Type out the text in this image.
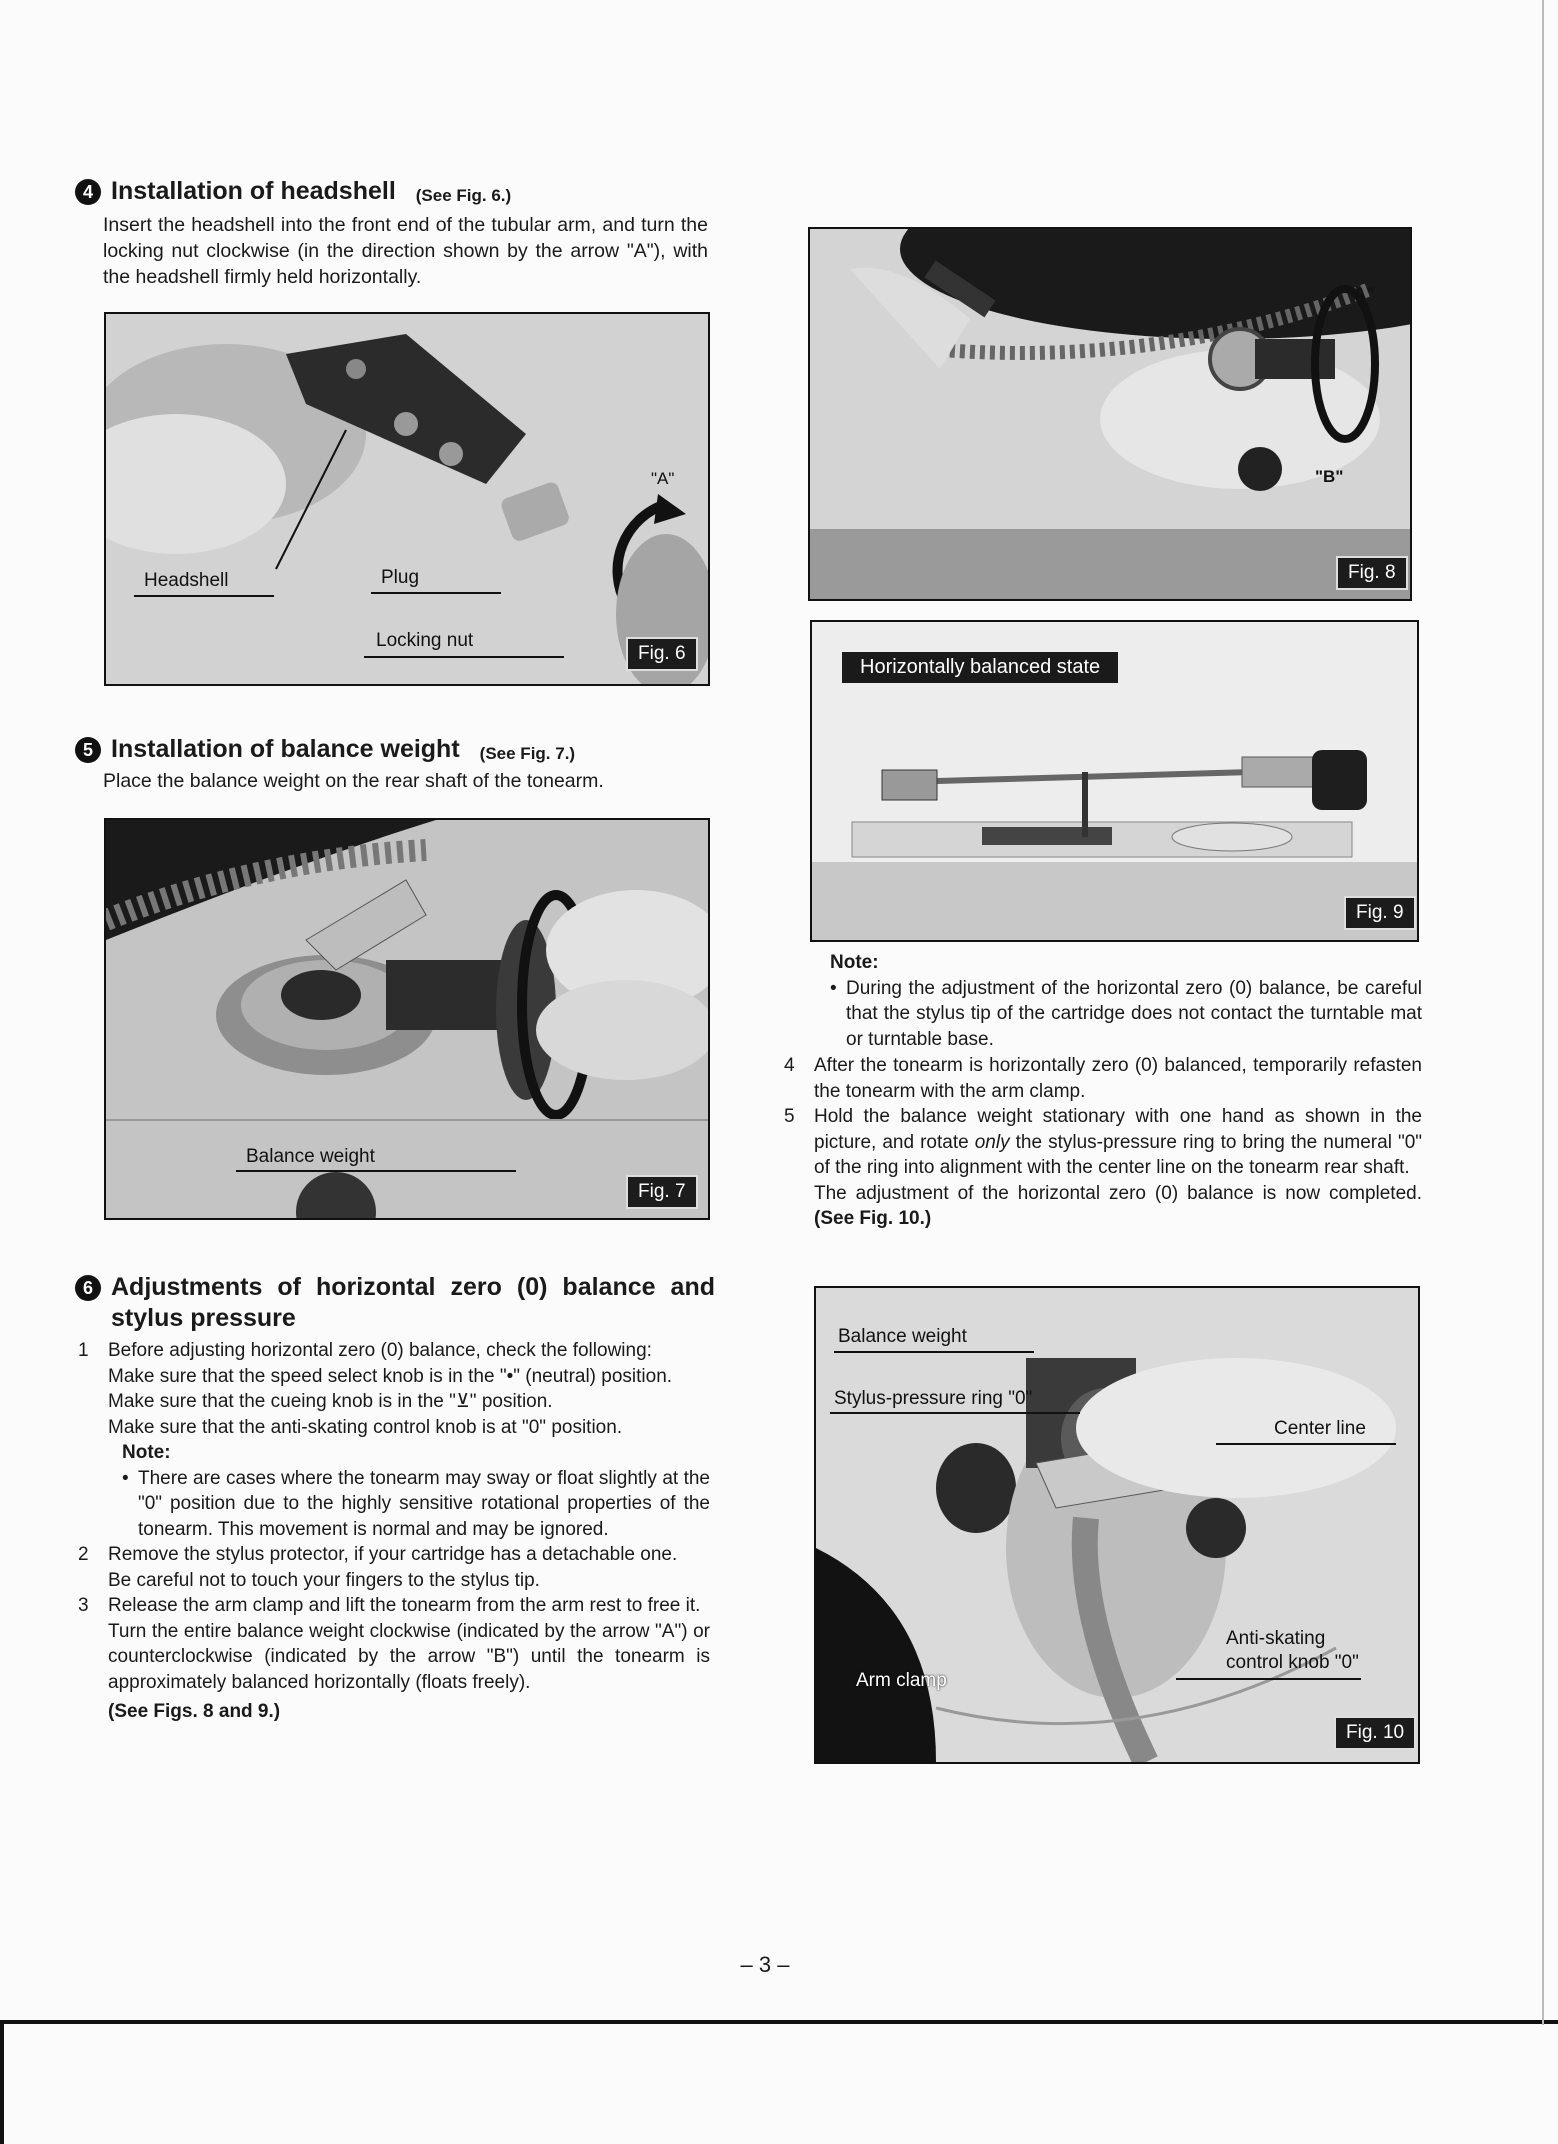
4 Installation of headshell (See Fig. 6.)

Insert the headshell into the front end of the tubular arm, and turn the locking nut clockwise (in the direction shown by the arrow "A"), with the headshell firmly held horizontally.

"A"
Headshell	Plug
Locking nut
Fig. 6
5 Installation of balance weight (See Fig. 7.)

Place the balance weight on the rear shaft of the tonearm.

Balance weight
Fig. 7
6 Adjustments of horizontal zero (0) balance and stylus pressure
1 Before adjusting horizontal zero (0) balance, check the following:
Make sure that the speed select knob is in the "•" (neutral) position.
Make sure that the cueing knob is in the "⊻" position.
Make sure that the anti-skating control knob is at "0" position.
Note:
• There are cases where the tonearm may sway or float slightly at the "0" position due to the highly sensitive rotational properties of the tonearm. This movement is normal and may be ignored.
2 Remove the stylus protector, if your cartridge has a detachable one.
Be careful not to touch your fingers to the stylus tip.
3 Release the arm clamp and lift the tonearm from the arm rest to free it.
Turn the entire balance weight clockwise (indicated by the arrow "A") or counterclockwise (indicated by the arrow "B") until the tonearm is approximately balanced horizontally (floats freely).
(See Figs. 8 and 9.)
"A"
"B"
Fig. 8
Horizontally balanced state
Fig. 9
Note:
• During the adjustment of the horizontal zero (0) balance, be careful that the stylus tip of the cartridge does not contact the turntable mat or turntable base.
4 After the tonearm is horizontally zero (0) balanced, temporarily refasten the tonearm with the arm clamp.
5 Hold the balance weight stationary with one hand as shown in the picture, and rotate only the stylus-pressure ring to bring the numeral "0" of the ring into alignment with the center line on the tonearm rear shaft.
The adjustment of the horizontal zero (0) balance is now completed. (See Fig. 10.)
Balance weight
Stylus-pressure ring "0"
Center line
Anti-skating
control knob "0"
Arm clamp
Fig. 10
– 3 –
